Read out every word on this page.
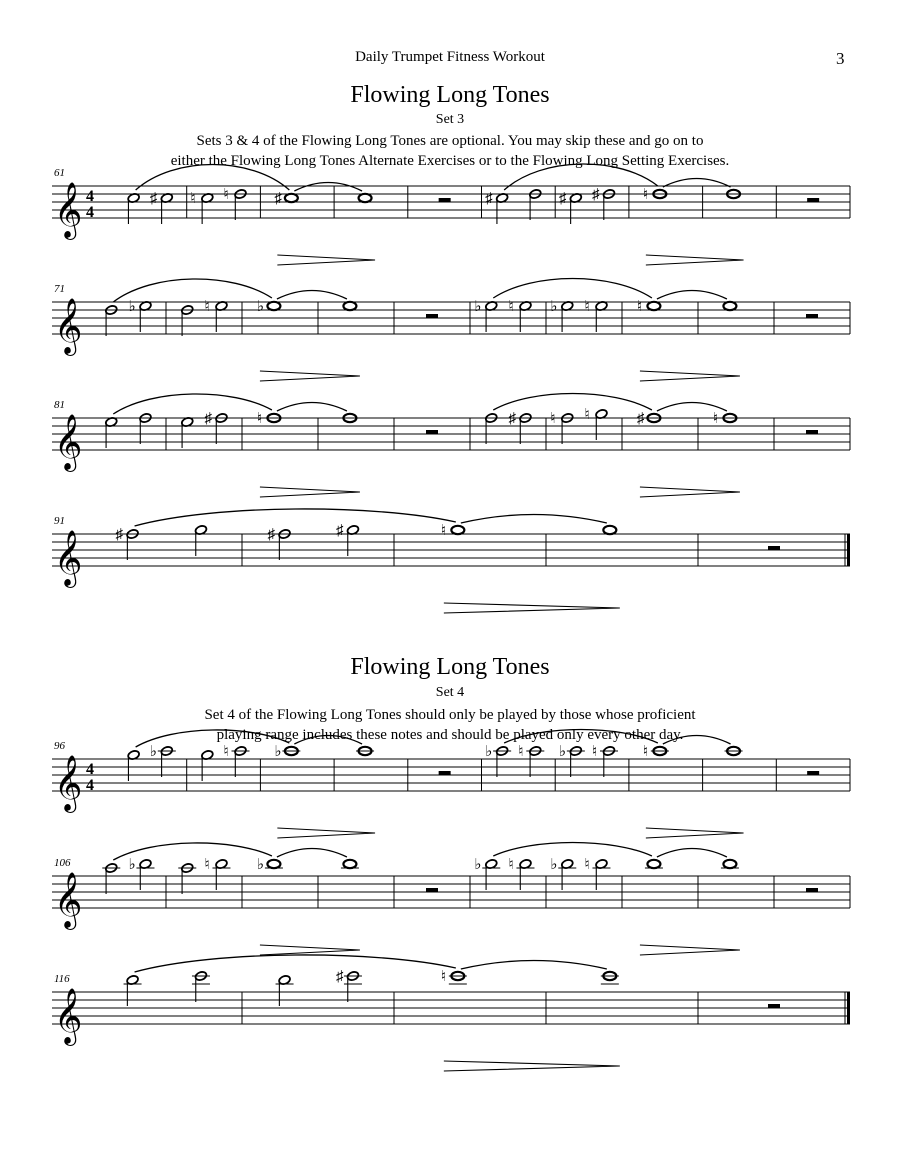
Daily Trumpet Fitness Workout	3
Flowing Long Tones
Set 3
Sets 3 & 4 of the Flowing Long Tones are optional. You may skip these and go on to
either the Flowing Long Tones Alternate Exercises or to the Flowing Long Setting Exercises.
Flowing Long Tones
Set 4
Set 4 of the Flowing Long Tones should only be played by those whose proficient
playing range includes these notes and should be played only every other day.
61
𝄞 4
4
♯ ♮ ♮	♯	♯	♯ ♯	♮
71
𝄞	♭	♮	♭	♭ ♮ ♭ ♮	♮
81
𝄞	♯	♮	♯ ♮ ♮	♯	♮
91
𝄞 ♯	♯	♯	♮
96
𝄞 4
4
♭	♮	♭	♭ ♮ ♭ ♮	♮
106
𝄞
♭	♮	♭	♭ ♮ ♭ ♮
116
𝄞
♯	♮
